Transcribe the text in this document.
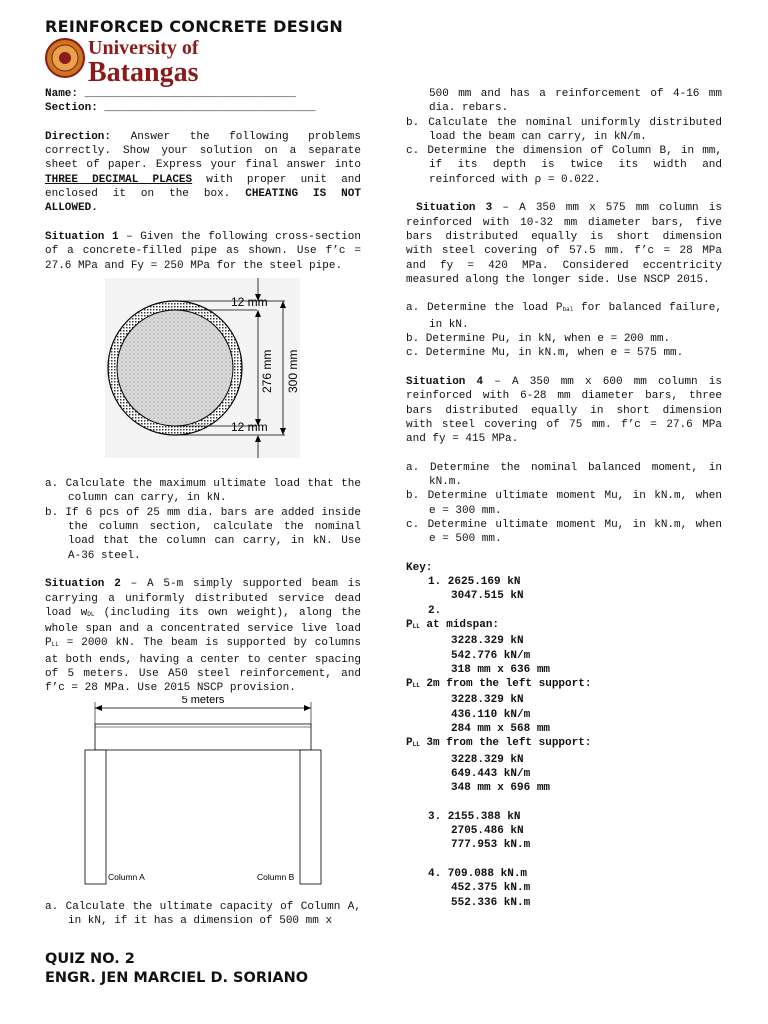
REINFORCED CONCRETE DESIGN
University of
Batangas
Name: ________________________________
Section: ________________________________

Direction: Answer the following problems correctly. Show your solution on a separate sheet of paper. Express your final answer into THREE DECIMAL PLACES with proper unit and enclosed it on the box. CHEATING IS NOT ALLOWED.

Situation 1 – Given the following cross-section of a concrete-filled pipe as shown. Use f’c = 27.6 MPa and Fy = 250 MPa for the steel pipe.

12 mm
12 mm
276 mm 300 mm
a. Calculate the maximum ultimate load that the column can carry, in kN.
b. If 6 pcs of 25 mm dia. bars are added inside the column section, calculate the nominal load that the column can carry, in kN. Use A-36 steel.

Situation 2 – A 5-m simply supported beam is carrying a uniformly distributed service dead load $w_{DL}$ (including its own weight), along the whole span and a concentrated service live load $P_{LL} = 2000$ kN. The beam is supported by columns at both ends, having a center to center spacing of 5 meters. Use A50 steel reinforcement, and f’c = 28 MPa. Use 2015 NSCP provision.

5 meters
Column A	Column B
a. Calculate the ultimate capacity of Column A, in kN, if it has a dimension of 500 mm x
500 mm and has a reinforcement of 4-16 mm dia. rebars.
b. Calculate the nominal uniformly distributed load the beam can carry, in kN/m.
c. Determine the dimension of Column B, in mm, if its depth is twice its width and reinforced with ρ = 0.022.

Situation 3 – A 350 mm x 575 mm column is reinforced with 10-32 mm diameter bars, five bars distributed equally is short dimension with steel covering of 57.5 mm. f’c = 28 MPa and fy = 420 MPa. Considered eccentricity measured along the longer side. Use NSCP 2015.

a. Determine the load $P_{bal}$ for balanced failure, in kN.
b. Determine Pu, in kN, when e = 200 mm.
c. Determine Mu, in kN.m, when e = 575 mm.

Situation 4 – A 350 mm x 600 mm column is reinforced with 6-28 mm diameter bars, three bars distributed equally in short dimension with steel covering of 75 mm. f’c = 27.6 MPa and fy = 415 MPa.

a. Determine the nominal balanced moment, in kN.m.
b. Determine ultimate moment Mu, in kN.m, when e = 300 mm.
c. Determine ultimate moment Mu, in kN.m, when e = 500 mm.
Key:
1. 2625.169 kN
3047.515 kN
2.
$P_{LL}$ at midspan:
3228.329 kN
542.776 kN/m
318 mm x 636 mm
$P_{LL}$ 2m from the left support:
3228.329 kN
436.110 kN/m
284 mm x 568 mm
$P_{LL}$ 3m from the left support:
3228.329 kN
649.443 kN/m
348 mm x 696 mm
3. 2155.388 kN
2705.486 kN
777.953 kN.m
4. 709.088 kN.m
452.375 kN.m
552.336 kN.m
QUIZ NO. 2
ENGR. JEN MARCIEL D. SORIANO
